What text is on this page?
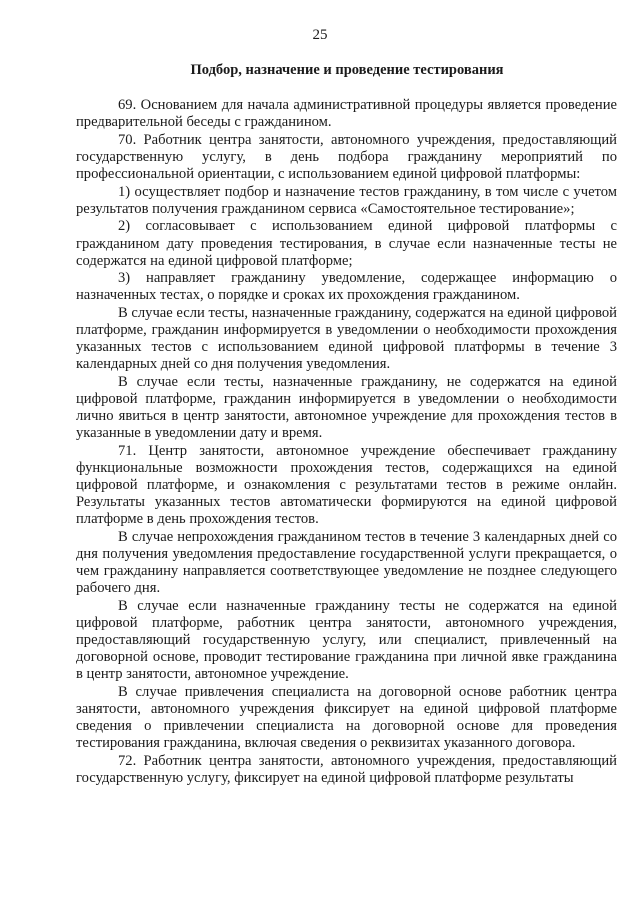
25
Подбор, назначение и проведение тестирования

69. Основанием для начала административной процедуры является проведение предварительной беседы с гражданином.

70. Работник центра занятости, автономного учреждения, предоставляющий государственную услугу, в день подбора гражданину мероприятий по профессиональной ориентации, с использованием единой цифровой платформы:

1) осуществляет подбор и назначение тестов гражданину, в том числе с учетом результатов получения гражданином сервиса «Самостоятельное тестирование»;

2) согласовывает с использованием единой цифровой платформы с гражданином дату проведения тестирования, в случае если назначенные тесты не содержатся на единой цифровой платформе;

3) направляет гражданину уведомление, содержащее информацию о назначенных тестах, о порядке и сроках их прохождения гражданином.

В случае если тесты, назначенные гражданину, содержатся на единой цифровой платформе, гражданин информируется в уведомлении о необходимости прохождения указанных тестов с использованием единой цифровой платформы в течение 3 календарных дней со дня получения уведомления.

В случае если тесты, назначенные гражданину, не содержатся на единой цифровой платформе, гражданин информируется в уведомлении о необходимости лично явиться в центр занятости, автономное учреждение для прохождения тестов в указанные в уведомлении дату и время.

71. Центр занятости, автономное учреждение обеспечивает гражданину функциональные возможности прохождения тестов, содержащихся на единой цифровой платформе, и ознакомления с результатами тестов в режиме онлайн. Результаты указанных тестов автоматически формируются на единой цифровой платформе в день прохождения тестов.

В случае непрохождения гражданином тестов в течение 3 календарных дней со дня получения уведомления предоставление государственной услуги прекращается, о чем гражданину направляется соответствующее уведомление не позднее следующего рабочего дня.

В случае если назначенные гражданину тесты не содержатся на единой цифровой платформе, работник центра занятости, автономного учреждения, предоставляющий государственную услугу, или специалист, привлеченный на договорной основе, проводит тестирование гражданина при личной явке гражданина в центр занятости, автономное учреждение.

В случае привлечения специалиста на договорной основе работник центра занятости, автономного учреждения фиксирует на единой цифровой платформе сведения о привлечении специалиста на договорной основе для проведения тестирования гражданина, включая сведения о реквизитах указанного договора.

72. Работник центра занятости, автономного учреждения, предоставляющий государственную услугу, фиксирует на единой цифровой платформе результаты
